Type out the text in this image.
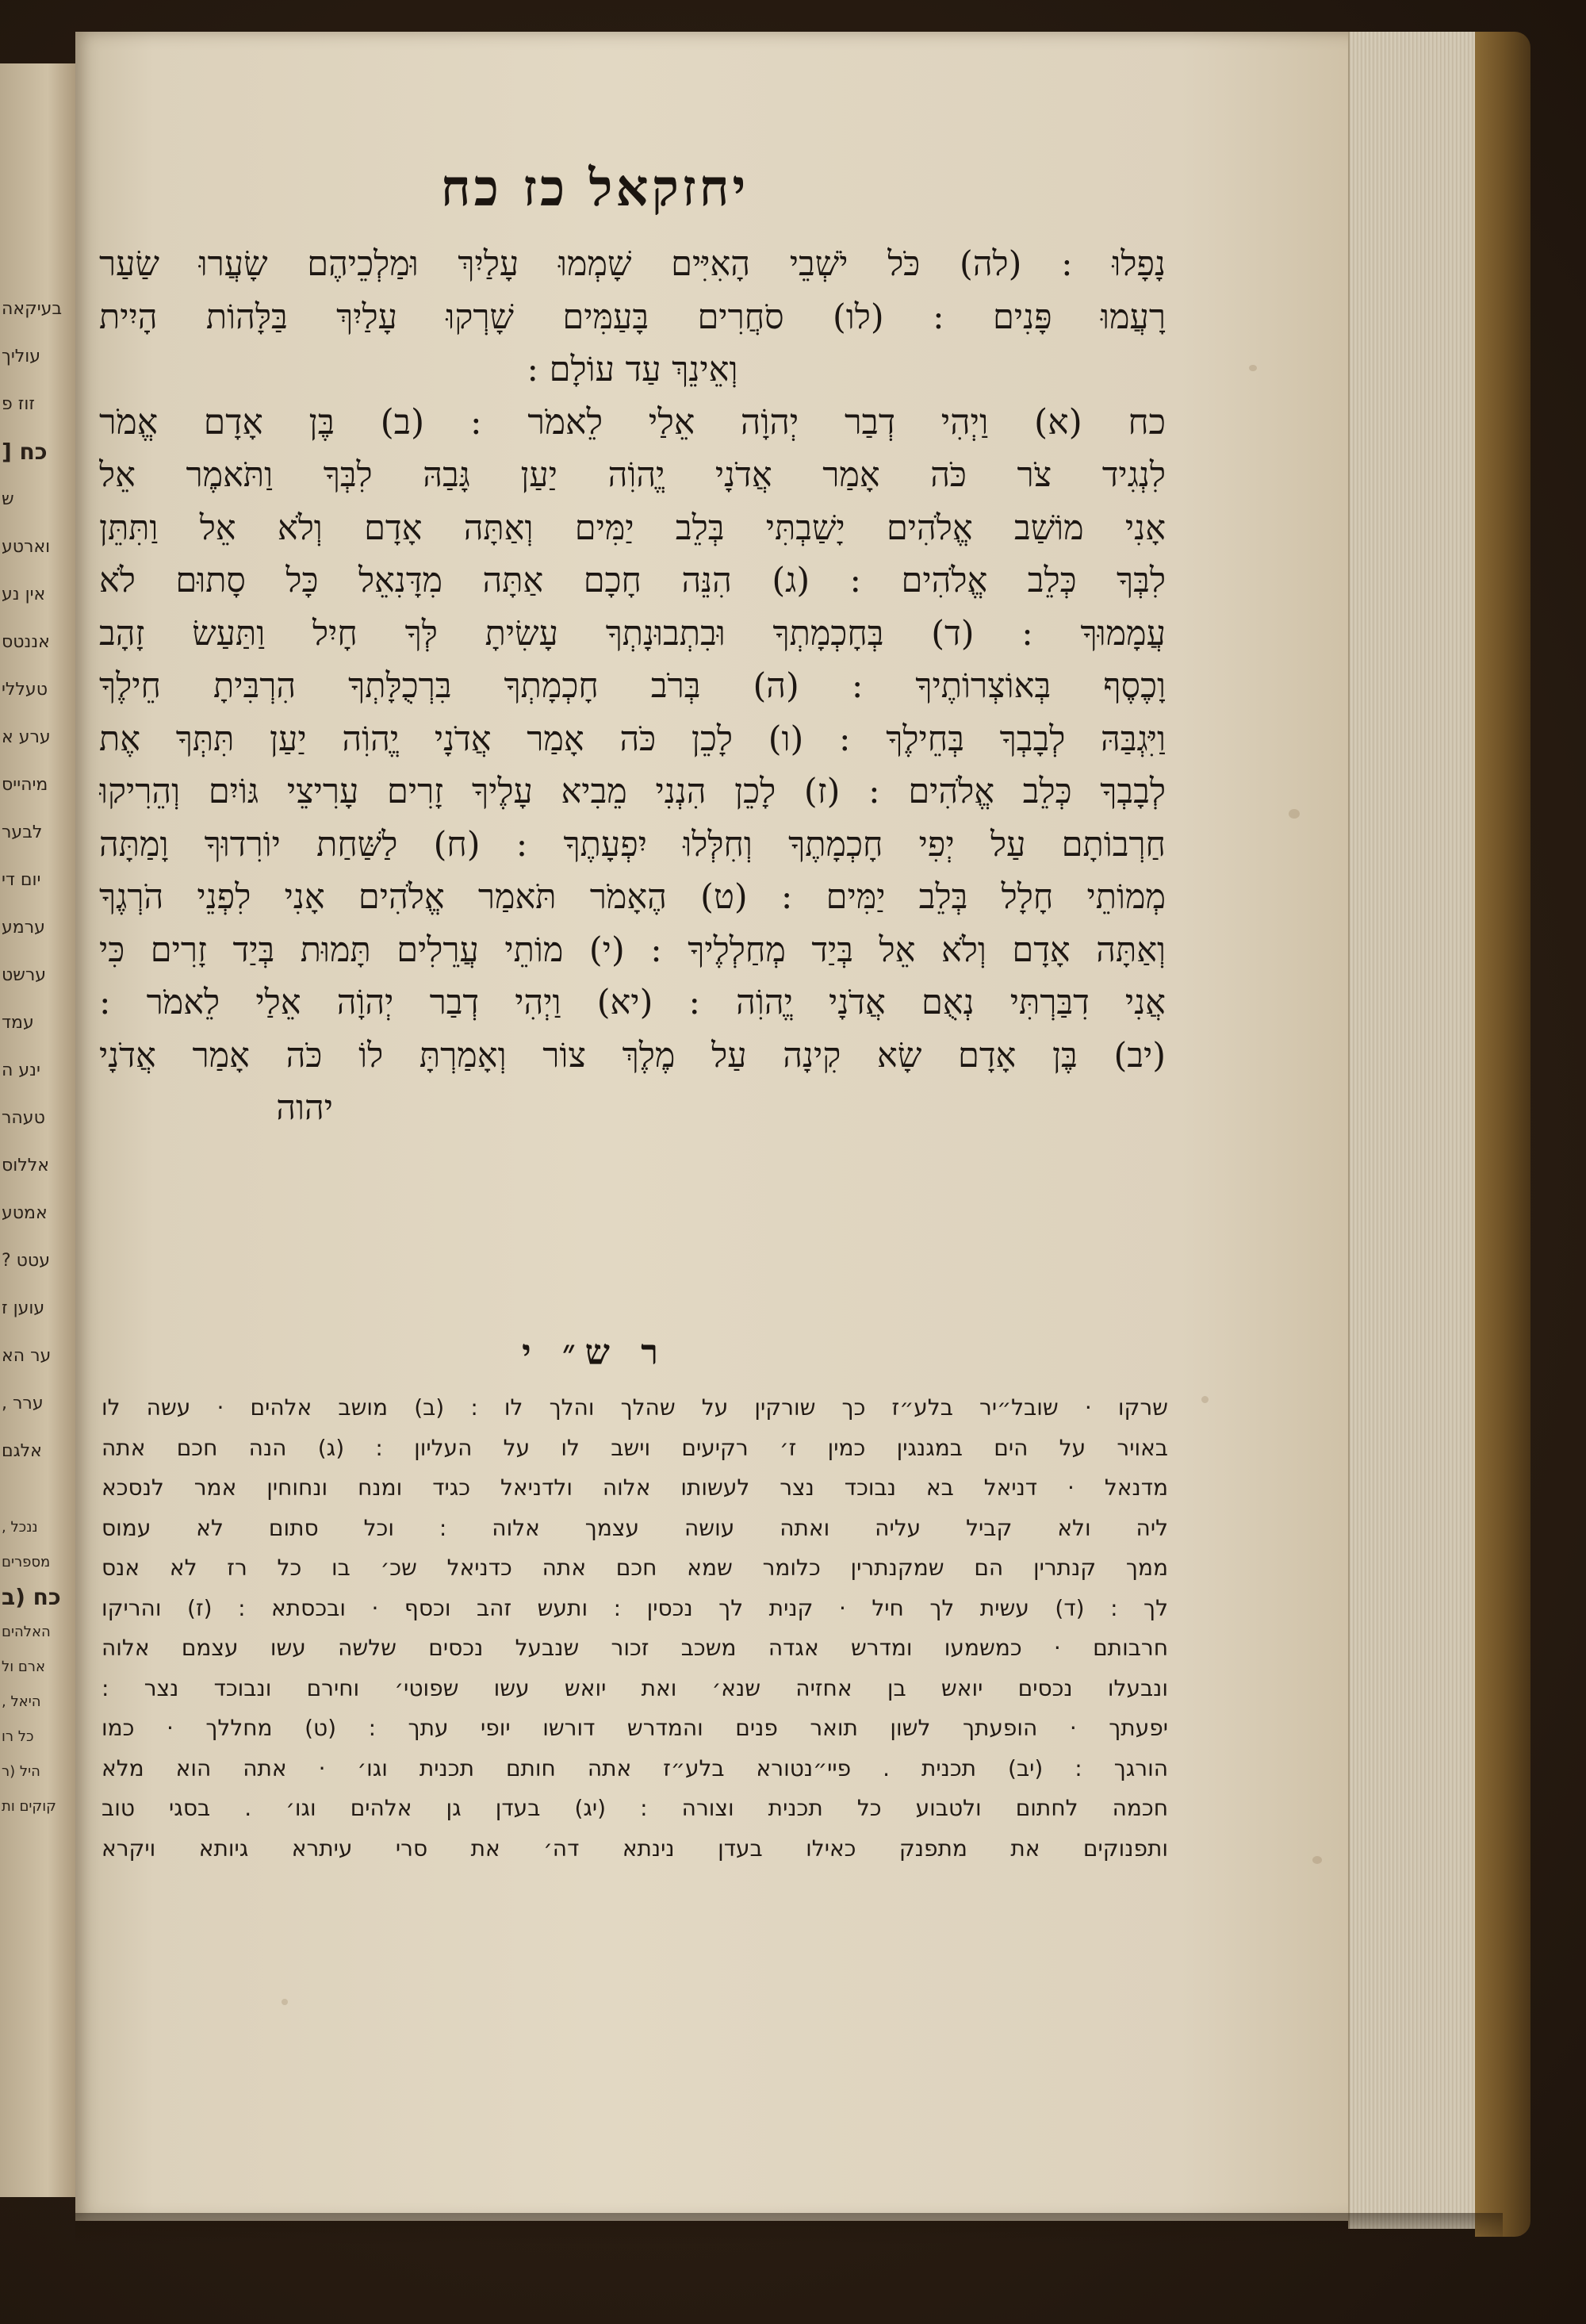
בעיקאה
עוליך
זוז פ
כח [
ש
וארטע
אין נע
אננטס
טעללי
ערע א
מיהייס
לבער
יום די
ערמע
ערשט
עמד
ינע ה
טעהר
אללוס
אמטע
עטט ?
עוען ז
ער הא
ערר ,
אלגם
ננכל ,
מספרים
כח (ב
האלהים
ארם ול
היאל ,
כל רו
היל (ר
קוקים ות
יחזקאל כז כח
נָפָלוּ : (לה) כֹּל יֹשְׁבֵי הָאִיִּים שָׁמְמוּ עָלַיִךְ וּמַלְכֵיהֶם שָׂעֲרוּ שַׂעַר
רָעֲמוּ פָּנִים : (לו) סֹחֲרִים בָּעַמִּים שָׁרְקוּ עָלַיִךְ בַּלָּהוֹת הָיִית
וְאֵינֵךְ עַד עוֹלָם :
כח (א) וַיְהִי דְבַר יְהוָֹה אֵלַי לֵאמֹר : (ב) בֶּן אָדָם אֱמֹר
לִנְגִיד צֹר כֹּה אָמַר אֲדֹנָי יֱהוִֹה יַעַן גָּבַהּ לִבְּךָ וַתֹּאמֶר אֵל
אָנִי מוֹשַׁב אֱלֹהִים יָשַׁבְתִּי בְּלֵב יַמִּים וְאַתָּה אָדָם וְלֹא אֵל וַתִּתֵּן
לִבְּךָ כְּלֵב אֱלֹהִים : (ג) הִנֵּה חָכָם אַתָּה מִדָּנִאֵל כָּל סָתוּם לֹא
עֲמָמוּךָ : (ד) בְּחָכְמָתְךָ וּבִתְבוּנָתְךָ עָשִׂיתָ לְּךָ חָיִל וַתַּעַשׂ זָהָב
וָכֶסֶף בְּאוֹצְרוֹתֶיךָ : (ה) בְּרֹב חָכְמָתְךָ בִּרְכֻלָּתְךָ הִרְבִּיתָ חֵילֶךָ
וַיִּגְבַּהּ לְבָבְךָ בְּחֵילֶךָ : (ו) לָכֵן כֹּה אָמַר אֲדֹנָי יֱהוִֹה יַעַן תִּתְּךָ אֶת
לְבָבְךָ כְּלֵב אֱלֹהִים : (ז) לָכֵן הִנְנִי מֵבִיא עָלֶיךָ זָרִים עָרִיצֵי גּוֹיִם וְהֵרִיקוּ
חַרְבוֹתָם עַל יְפִי חָכְמָתֶךָ וְחִלְּלוּ יִפְעָתֶךָ : (ח) לַשַּׁחַת יוֹרִדוּךָ וָמַתָּה
מְמוֹתֵי חָלָל בְּלֵב יַמִּים : (ט) הֶאָמֹר תֹּאמַר אֱלֹהִים אָנִי לִפְנֵי הֹרְגֶךָ
וְאַתָּה אָדָם וְלֹא אֵל בְּיַד מְחַלְלֶיךָ : (י) מוֹתֵי עֲרֵלִים תָּמוּת בְּיַד זָרִים כִּי
אֲנִי דִבַּרְתִּי נְאֻם אֲדֹנָי יֱהוִֹה : (יא) וַיְהִי דְבַר יְהוָֹה אֵלַי לֵאמֹר :
(יב) בֶּן אָדָם שָׂא קִינָה עַל מֶלֶךְ צוֹר וְאָמַרְתָּ לוֹ כֹּה אָמַר אֲדֹנָי
יהוה
ר ש״ י
שרקו · שובל״יר בלע״ז כך שורקין על שהלך והלך לו : (ב) מושב אלהים · עשה לו
באויר על הים במגנגין כמין ז׳ רקיעים וישב לו על העליון : (ג) הנה חכם אתה
מדנאל · דניאל בא נבוכד נצר לעשותו אלוה ולדניאל כגיד ומנח ונחוחין אמר לנסכא
ליה ולא קביל עליה ואתה עושה עצמך אלוה : וכל סתום לא עמוס
ממך קנתרין הם שמקנתרין כלומר שמא חכם אתה כדניאל שכ׳ בו כל רז לא אנס
לך : (ד) עשית לך חיל · קנית לך נכסין : ותעש זהב וכסף · ובכסתא : (ז) והריקו
חרבותם · כמשמעו ומדרש אגדה משכב זכור שנבעל נכסים שלשה עשו עצמם אלוה
ונבעלו נכסים יואש בן אחזיה שנא׳ ואת יואש עשו שפוטי׳ וחירם ונבוכד נצר :
יפעתך · הופעתך לשון תואר פנים והמדרש דורשו יופי עתך : (ט) מחללך · כמו
הורגך : (יב) תכנית . פיי״נטורא בלע״ז אתה חותם תכנית וגו׳ · אתה הוא מלא
חכמה לחתום ולטבוע כל תכנית וצורה : (יג) בעדן גן אלהים וגו׳ . בסגי טוב
ותפנוקים את מתפנק כאילו בעדן נינתא דה׳ את סרי עיתרא גיותא ויקרא
